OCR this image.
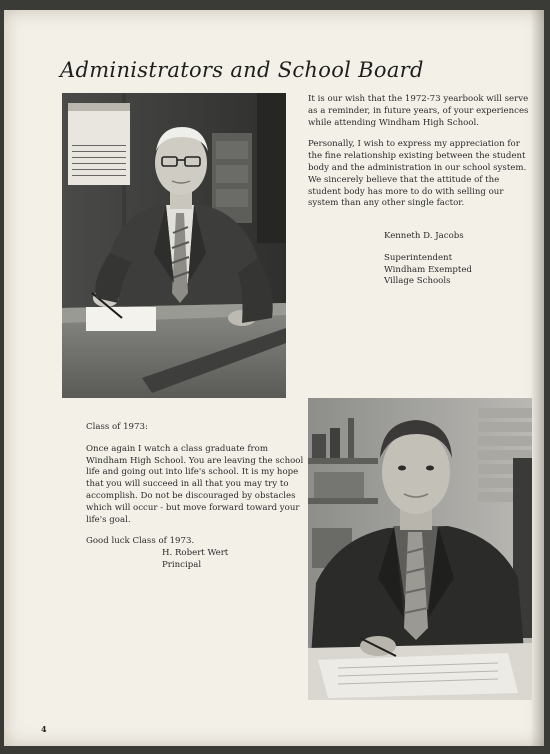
Administrators and School Board

It is our wish that the 1972-73 yearbook will serve as a reminder, in future years, of your experiences while attending Windham High School.

Personally, I wish to express my appreciation for the fine relationship existing between the student body and the administration in our school system. We sincerely believe that the attitude of the student body has more to do with selling our system than any other single factor.

Kenneth D. Jacobs
Superintendent
Windham Exempted
Village Schools

Class of 1973:

Once again I watch a class graduate from Windham High School. You are leaving the school life and going out into life's school. It is my hope that you will succeed in all that you may try to accomplish. Do not be discouraged by obstacles which will occur - but move forward toward your life's goal.

Good luck Class of 1973.

H. Robert Wert
Principal
4
